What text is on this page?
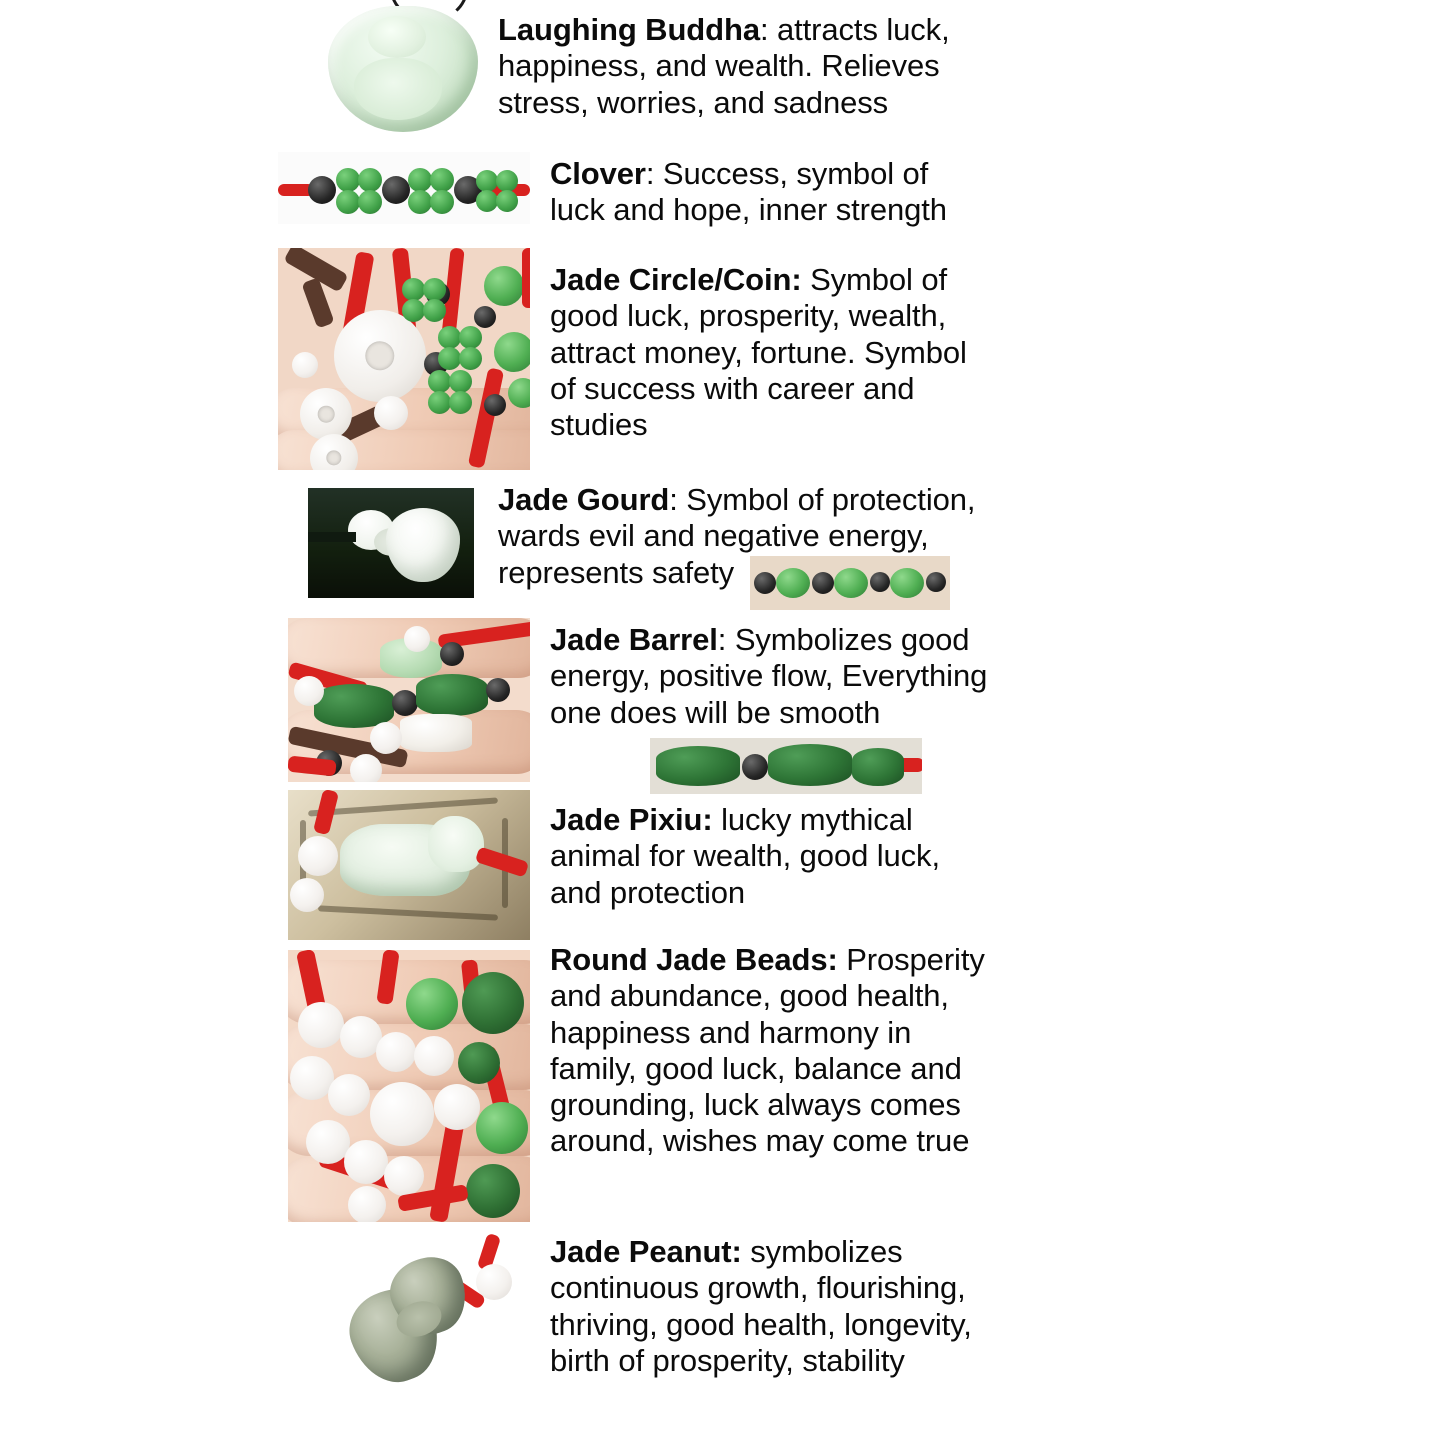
Laughing Buddha: attracts luck, happiness, and wealth. Relieves stress, worries, and sadness
Clover: Success, symbol of luck and hope, inner strength
Jade Circle/Coin: Symbol of good luck, prosperity, wealth, attract money, fortune. Symbol of success with career and studies
Jade Gourd: Symbol of protection, wards evil and negative energy, represents safety
Jade Barrel: Symbolizes good energy, positive flow, Everything one does will be smooth
Jade Pixiu: lucky mythical animal for wealth, good luck, and protection
Round Jade Beads: Prosperity and abundance, good health, happiness and harmony in family, good luck, balance and grounding, luck always comes around, wishes may come true
Jade Peanut: symbolizes continuous growth, flourishing, thriving, good health, longevity, birth of prosperity, stability
